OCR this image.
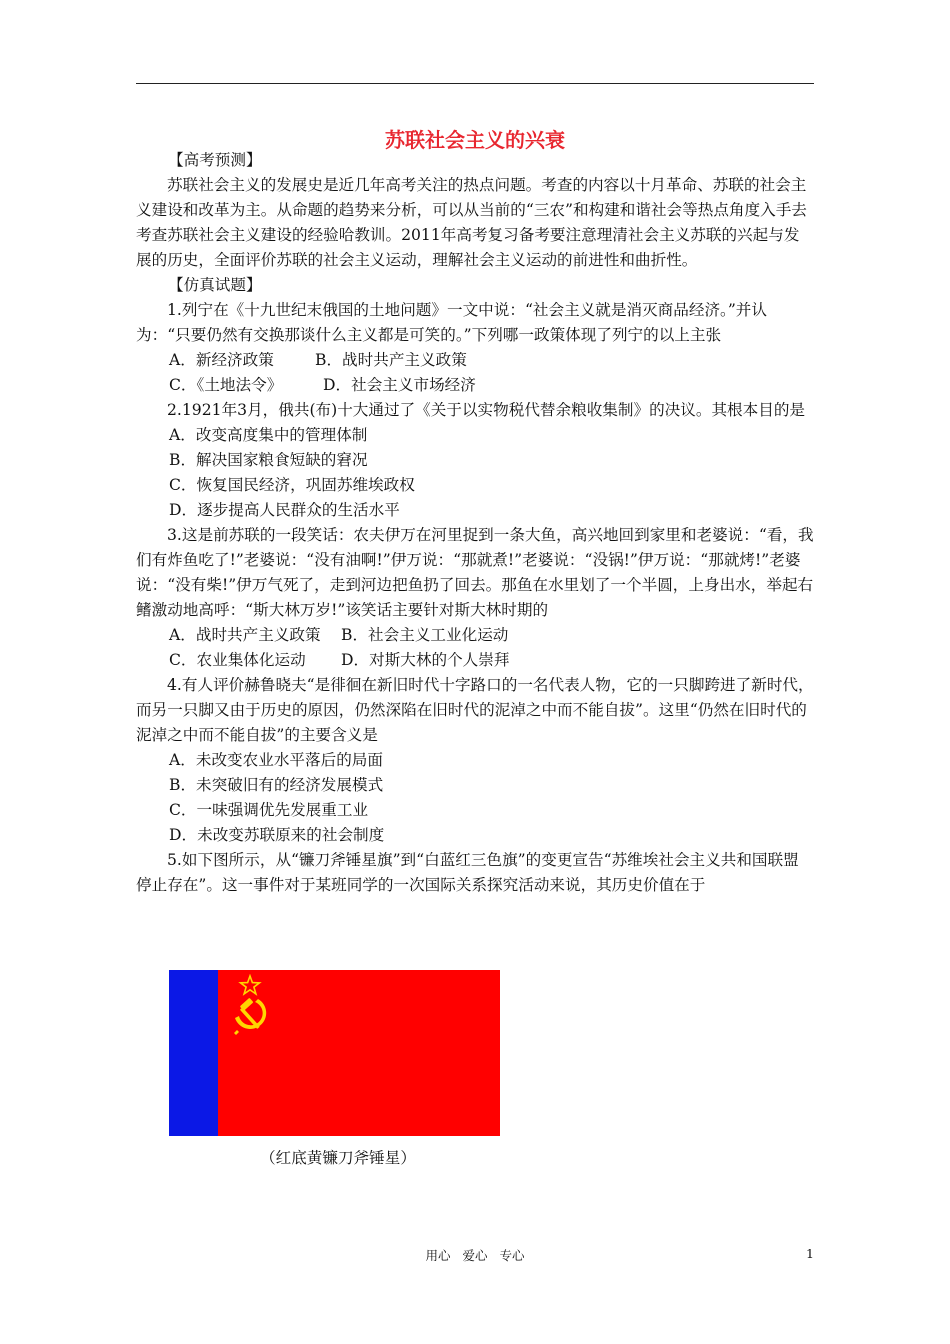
苏联社会主义的兴衰

【高考预测】

苏联社会主义的发展史是近几年高考关注的热点问题。考查的内容以十月革命、苏联的社会主义建设和改革为主。从命题的趋势来分析，可以从当前的“三农”和构建和谐社会等热点角度入手去考查苏联社会主义建设的经验哈教训。2011年高考复习备考要注意理清社会主义苏联的兴起与发展的历史，全面评价苏联的社会主义运动，理解社会主义运动的前进性和曲折性。

【仿真试题】

1.列宁在《十九世纪末俄国的土地问题》一文中说：“社会主义就是消灭商品经济。”并认为：“只要仍然有交换那谈什么主义都是可笑的。”下列哪一政策体现了列宁的以上主张

A．新经济政策	B．战时共产主义政策

C．《土地法令》	D．社会主义市场经济

2.1921年3月，俄共(布)十大通过了《关于以实物税代替余粮收集制》的决议。其根本目的是

A．改变高度集中的管理体制

B．解决国家粮食短缺的窘况

C．恢复国民经济，巩固苏维埃政权

D．逐步提高人民群众的生活水平

3.这是前苏联的一段笑话：农夫伊万在河里捉到一条大鱼，高兴地回到家里和老婆说：“看，我们有炸鱼吃了!”老婆说：“没有油啊!”伊万说：“那就煮!”老婆说：“没锅!”伊万说：“那就烤!”老婆说：“没有柴!”伊万气死了，走到河边把鱼扔了回去。那鱼在水里划了一个半圆，上身出水，举起右鳍激动地高呼：“斯大林万岁!”该笑话主要针对斯大林时期的

A．战时共产主义政策 B．社会主义工业化运动

C．农业集体化运动 D．对斯大林的个人崇拜

4.有人评价赫鲁晓夫“是徘徊在新旧时代十字路口的一名代表人物，它的一只脚跨进了新时代，而另一只脚又由于历史的原因，仍然深陷在旧时代的泥淖之中而不能自拔”。这里“仍然在旧时代的泥淖之中而不能自拔”的主要含义是

A．未改变农业水平落后的局面

B．未突破旧有的经济发展模式

C．一味强调优先发展重工业

D．未改变苏联原来的社会制度

5.如下图所示，从“镰刀斧锤星旗”到“白蓝红三色旗”的变更宣告“苏维埃社会主义共和国联盟停止存在”。这一事件对于某班同学的一次国际关系探究活动来说，其历史价值在于

（红底黄镰刀斧锤星）
用心 爱心 专心	1
